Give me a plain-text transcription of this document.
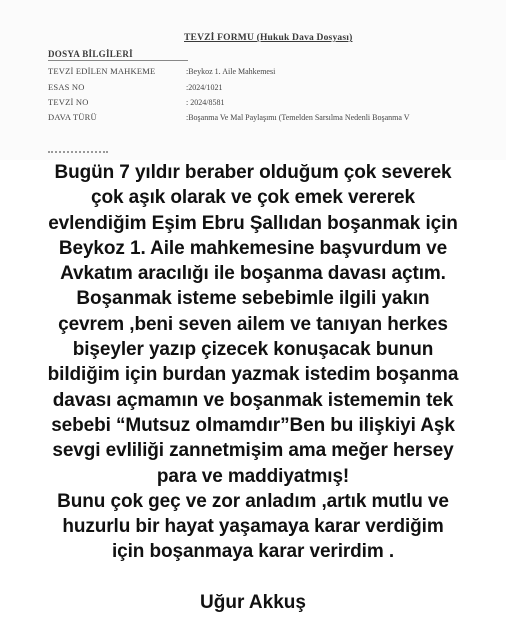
TEVZİ FORMU (Hukuk Dava Dosyası)
DOSYA BİLGİLERİ
TEVZİ EDİLEN MAHKEME	:Beykoz 1. Aile Mahkemesi
ESAS NO	:2024/1021
TEVZİ NO	: 2024/8581
DAVA TÜRÜ	:Boşanma Ve Mal Paylaşımı (Temelden Sarsılma Nedenli Boşanma V
Bugün 7 yıldır beraber olduğum çok severek
çok aşık olarak ve çok emek vererek
evlendiğim Eşim Ebru Şallıdan boşanmak için
Beykoz 1. Aile mahkemesine başvurdum ve
Avkatım aracılığı ile boşanma davası açtım.
Boşanmak isteme sebebimle ilgili yakın
çevrem ,beni seven ailem ve tanıyan herkes
bişeyler yazıp çizecek konuşacak bunun
bildiğim için burdan yazmak istedim boşanma
davası açmamın ve boşanmak istememin tek
sebebi “Mutsuz olmamdır”Ben bu ilişkiyi Aşk
sevgi evliliği zannetmişim ama meğer hersey
para ve maddiyatmış!
Bunu çok geç ve zor anladım ,artık mutlu ve
huzurlu bir hayat yaşamaya karar verdiğim
için boşanmaya karar verirdim .
Uğur Akkuş
